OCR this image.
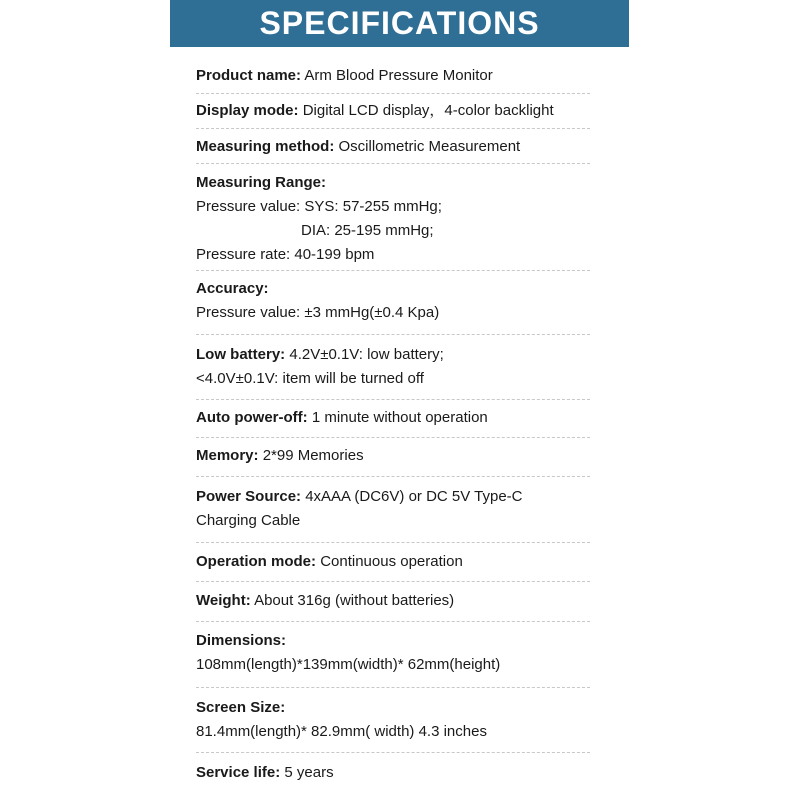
SPECIFICATIONS
Product name: Arm Blood Pressure Monitor
Display mode: Digital LCD display，4-color backlight
Measuring method: Oscillometric Measurement
Measuring Range:
Pressure value: SYS: 57-255 mmHg;
DIA: 25-195 mmHg;
Pressure rate: 40-199 bpm
Accuracy:
Pressure value: ±3 mmHg(±0.4 Kpa)
Low battery: 4.2V±0.1V: low battery;
<4.0V±0.1V: item will be turned off
Auto power-off: 1 minute without operation
Memory: 2*99 Memories
Power Source: 4xAAA (DC6V) or DC 5V Type-C
Charging Cable
Operation mode: Continuous operation
Weight: About 316g (without batteries)
Dimensions:
108mm(length)*139mm(width)* 62mm(height)
Screen Size:
81.4mm(length)* 82.9mm( width) 4.3 inches
Service life: 5 years
